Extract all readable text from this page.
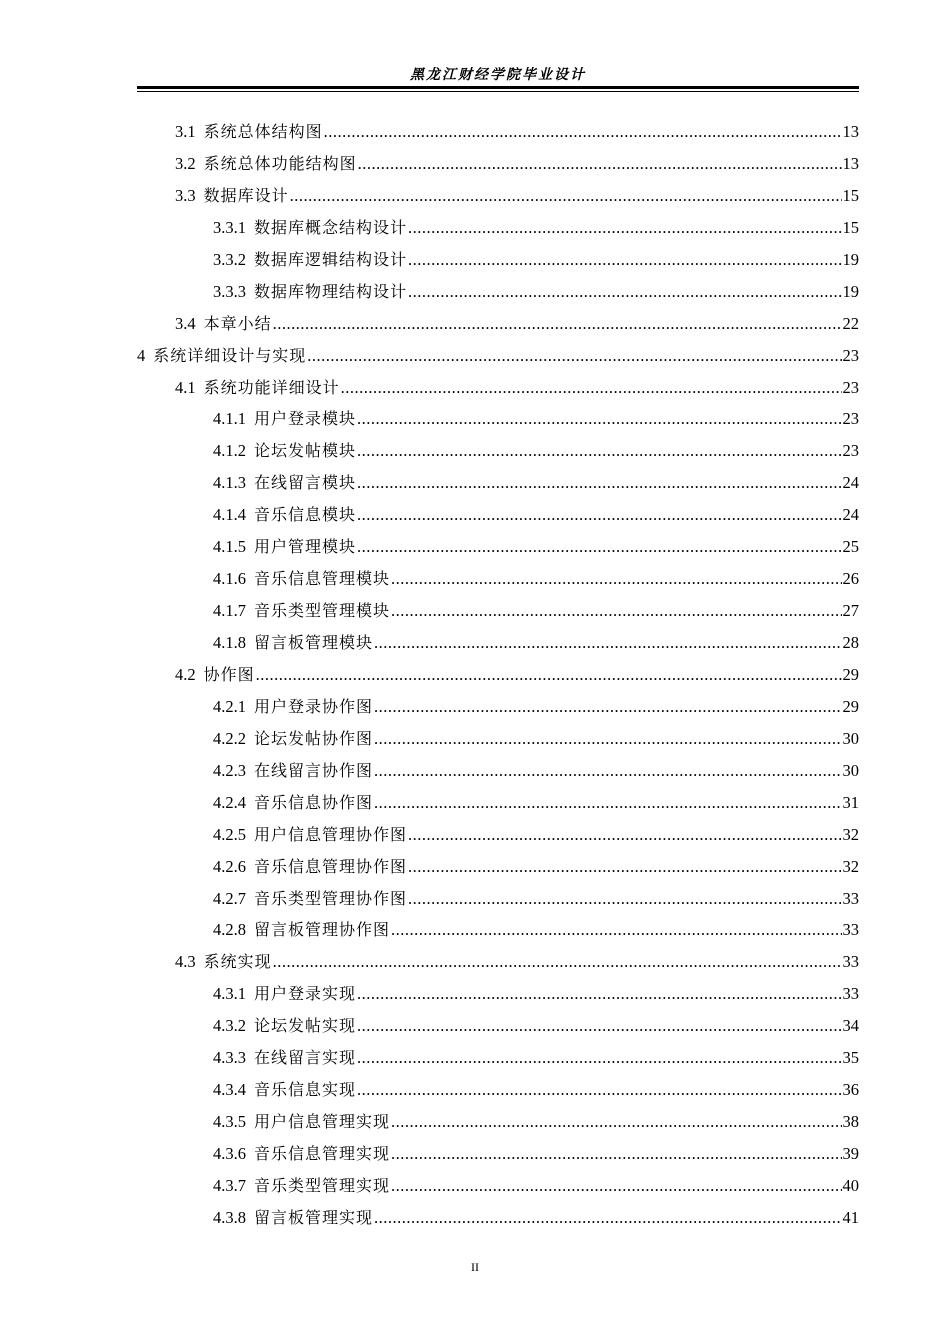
黑龙江财经学院毕业设计
3.1 系统总体结构图 .....	13
3.2 系统总体功能结构图 .....	13
3.3 数据库设计 .....	15
3.3.1 数据库概念结构设计 .....	15
3.3.2 数据库逻辑结构设计 .....	19
3.3.3 数据库物理结构设计 .....	19
3.4 本章小结 .....	22
4 系统详细设计与实现 .....	23
4.1 系统功能详细设计 .....	23
4.1.1 用户登录模块 .....	23
4.1.2 论坛发帖模块 .....	23
4.1.3 在线留言模块 .....	24
4.1.4 音乐信息模块 .....	24
4.1.5 用户管理模块 .....	25
4.1.6 音乐信息管理模块 .....	26
4.1.7 音乐类型管理模块 .....	27
4.1.8 留言板管理模块 .....	28
4.2 协作图 .....	29
4.2.1 用户登录协作图 .....	29
4.2.2 论坛发帖协作图 .....	30
4.2.3 在线留言协作图 .....	30
4.2.4 音乐信息协作图 .....	31
4.2.5 用户信息管理协作图 .....	32
4.2.6 音乐信息管理协作图 .....	32
4.2.7 音乐类型管理协作图 .....	33
4.2.8 留言板管理协作图 .....	33
4.3 系统实现 .....	33
4.3.1 用户登录实现 .....	33
4.3.2 论坛发帖实现 .....	34
4.3.3 在线留言实现 .....	35
4.3.4 音乐信息实现 .....	36
4.3.5 用户信息管理实现 .....	38
4.3.6 音乐信息管理实现 .....	39
4.3.7 音乐类型管理实现 .....	40
4.3.8 留言板管理实现 .....	41
II
